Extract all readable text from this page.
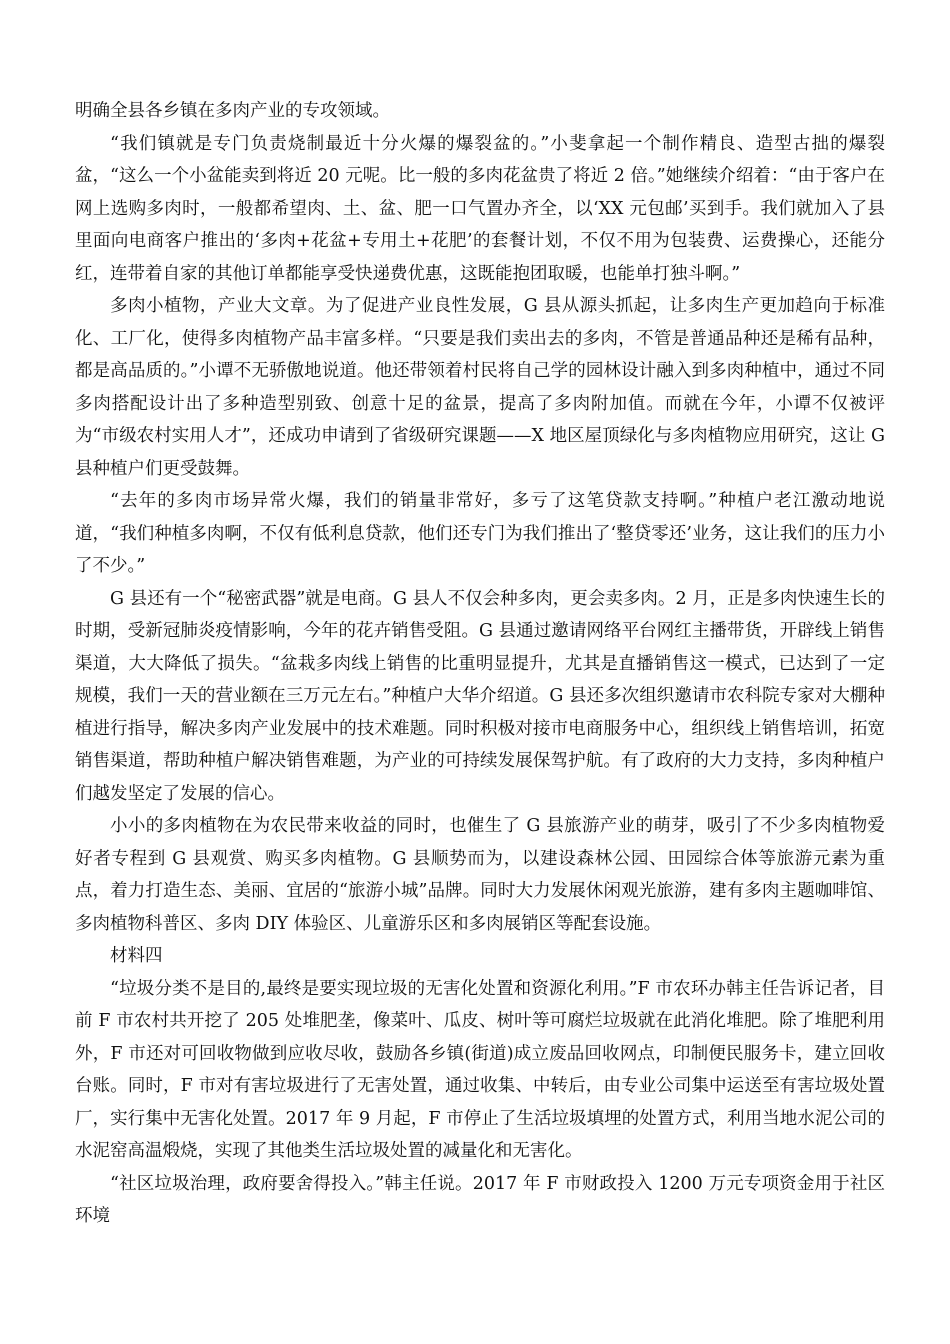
明确全县各乡镇在多肉产业的专攻领域。

“我们镇就是专门负责烧制最近十分火爆的爆裂盆的。”小斐拿起一个制作精良、造型古拙的爆裂盆，“这么一个小盆能卖到将近 20 元呢。比一般的多肉花盆贵了将近 2 倍。”她继续介绍着：“由于客户在网上选购多肉时，一般都希望肉、土、盆、肥一口气置办齐全，以‘XX 元包邮’买到手。我们就加入了县里面向电商客户推出的‘多肉+花盆+专用土+花肥’的套餐计划，不仅不用为包装费、运费操心，还能分红，连带着自家的其他订单都能享受快递费优惠，这既能抱团取暖，也能单打独斗啊。”

多肉小植物，产业大文章。为了促进产业良性发展，G 县从源头抓起，让多肉生产更加趋向于标准化、工厂化，使得多肉植物产品丰富多样。“只要是我们卖出去的多肉，不管是普通品种还是稀有品种，都是高品质的。”小谭不无骄傲地说道。他还带领着村民将自己学的园林设计融入到多肉种植中，通过不同多肉搭配设计出了多种造型别致、创意十足的盆景，提高了多肉附加值。而就在今年，小谭不仅被评为“市级农村实用人才”，还成功申请到了省级研究课题——X 地区屋顶绿化与多肉植物应用研究，这让 G 县种植户们更受鼓舞。

“去年的多肉市场异常火爆，我们的销量非常好，多亏了这笔贷款支持啊。”种植户老江激动地说道，“我们种植多肉啊，不仅有低利息贷款，他们还专门为我们推出了‘整贷零还’业务，这让我们的压力小了不少。”

G 县还有一个“秘密武器”就是电商。G 县人不仅会种多肉，更会卖多肉。2 月，正是多肉快速生长的时期，受新冠肺炎疫情影响，今年的花卉销售受阻。G 县通过邀请网络平台网红主播带货，开辟线上销售渠道，大大降低了损失。“盆栽多肉线上销售的比重明显提升，尤其是直播销售这一模式，已达到了一定规模，我们一天的营业额在三万元左右。”种植户大华介绍道。G 县还多次组织邀请市农科院专家对大棚种植进行指导，解决多肉产业发展中的技术难题。同时积极对接市电商服务中心，组织线上销售培训，拓宽销售渠道，帮助种植户解决销售难题，为产业的可持续发展保驾护航。有了政府的大力支持，多肉种植户们越发坚定了发展的信心。

小小的多肉植物在为农民带来收益的同时，也催生了 G 县旅游产业的萌芽，吸引了不少多肉植物爱好者专程到 G 县观赏、购买多肉植物。G 县顺势而为，以建设森林公园、田园综合体等旅游元素为重点，着力打造生态、美丽、宜居的“旅游小城”品牌。同时大力发展休闲观光旅游，建有多肉主题咖啡馆、多肉植物科普区、多肉 DIY 体验区、儿童游乐区和多肉展销区等配套设施。

材料四

“垃圾分类不是目的,最终是要实现垃圾的无害化处置和资源化利用。”F 市农环办韩主任告诉记者，目前 F 市农村共开挖了 205 处堆肥垄，像菜叶、瓜皮、树叶等可腐烂垃圾就在此消化堆肥。除了堆肥利用外，F 市还对可回收物做到应收尽收，鼓励各乡镇(街道)成立废品回收网点，印制便民服务卡，建立回收台账。同时，F 市对有害垃圾进行了无害处置，通过收集、中转后，由专业公司集中运送至有害垃圾处置厂，实行集中无害化处置。2017 年 9 月起，F 市停止了生活垃圾填埋的处置方式，利用当地水泥公司的水泥窑高温煅烧，实现了其他类生活垃圾处置的减量化和无害化。

“社区垃圾治理，政府要舍得投入。”韩主任说。2017 年 F 市财政投入 1200 万元专项资金用于社区环境
